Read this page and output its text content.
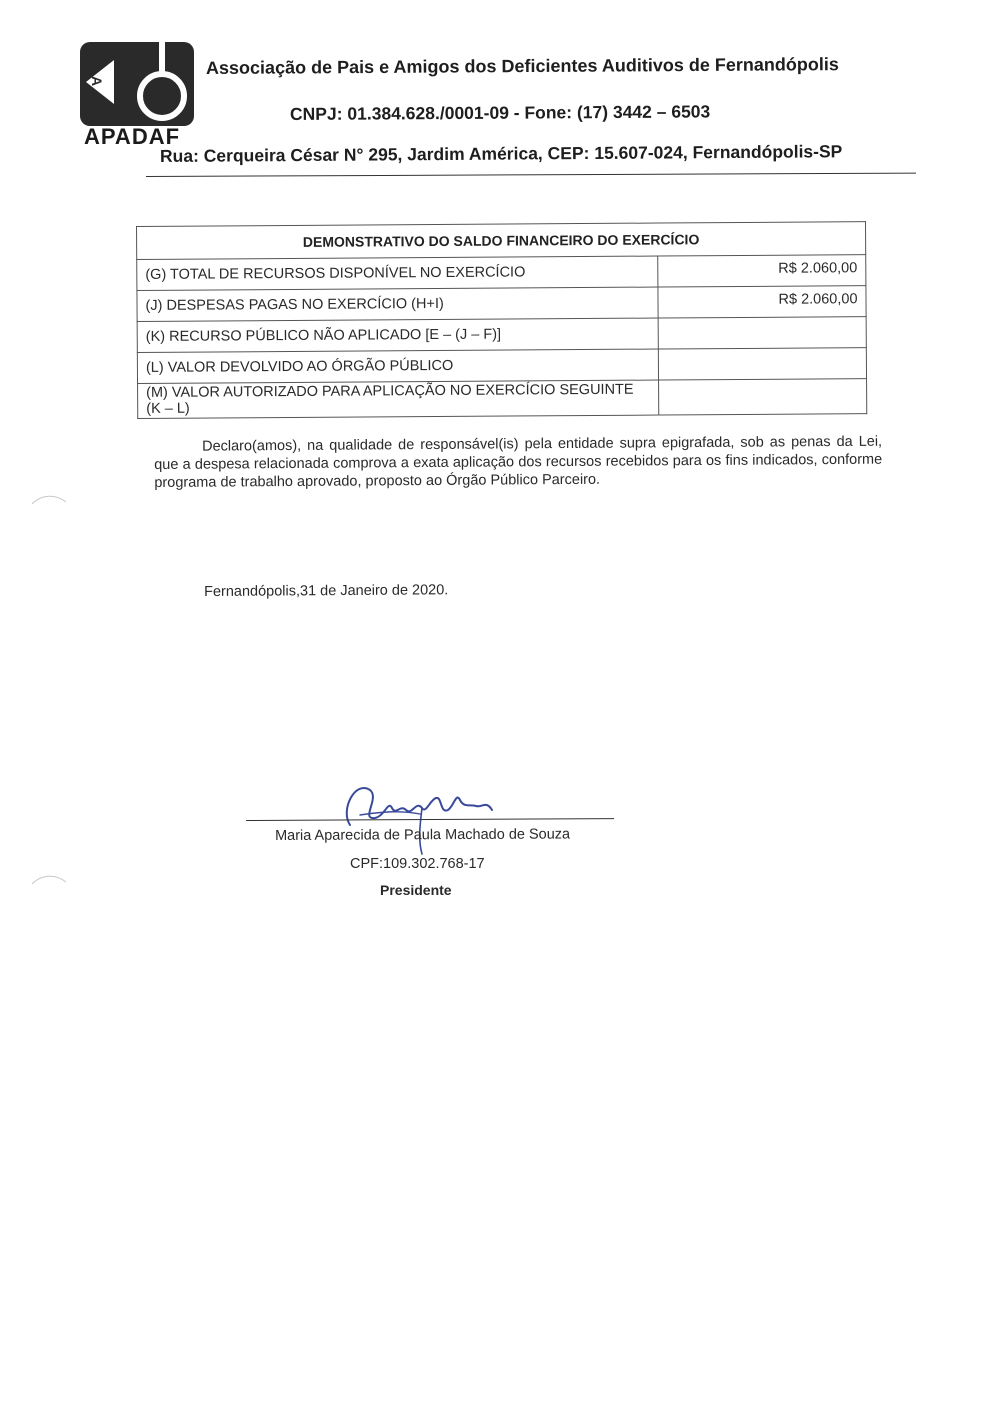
A
APADAF
Associação de Pais e Amigos dos Deficientes Auditivos de Fernandópolis
CNPJ: 01.384.628./0001-09 - Fone: (17) 3442 – 6503
Rua: Cerqueira César N° 295, Jardim América, CEP: 15.607-024, Fernandópolis-SP
DEMONSTRATIVO DO SALDO FINANCEIRO DO EXERCÍCIO	
(G) TOTAL DE RECURSOS DISPONÍVEL NO EXERCÍCIO	R$ 2.060,00
(J) DESPESAS PAGAS NO EXERCÍCIO (H+I)	R$ 2.060,00
(K) RECURSO PÚBLICO NÃO APLICADO [E – (J – F)]	
(L) VALOR DEVOLVIDO AO ÓRGÃO PÚBLICO	
(M) VALOR AUTORIZADO PARA APLICAÇÃO NO EXERCÍCIO SEGUINTE (K – L)	
Declaro(amos), na qualidade de responsável(is) pela entidade supra epigrafada, sob as penas da Lei, que a despesa relacionada comprova a exata aplicação dos recursos recebidos para os fins indicados, conforme programa de trabalho aprovado, proposto ao Órgão Público Parceiro.
Fernandópolis,31 de Janeiro de 2020.
Maria Aparecida de Paula Machado de Souza
CPF:109.302.768-17
Presidente
